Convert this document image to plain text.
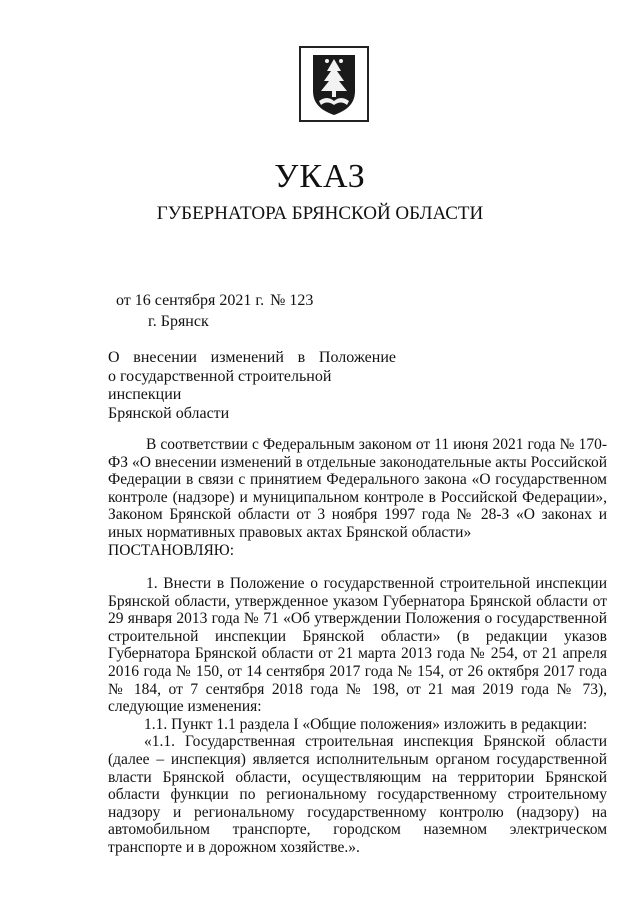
УКАЗ
ГУБЕРНАТОРА БРЯНСКОЙ ОБЛАСТИ
от 16 сентября 2021 г. № 123
г. Брянск
О внесении изменений в Положение
о государственной строительной инспекции
Брянской области

В соответствии с Федеральным законом от 11 июня 2021 года № 170-ФЗ «О внесении изменений в отдельные законодательные акты Российской Федерации в связи с принятием Федерального закона «О государственном контроле (надзоре) и муниципальном контроле в Российской Федерации», Законом Брянской области от 3 ноября 1997 года № 28-З «О законах и иных нормативных правовых актах Брянской области»

ПОСТАНОВЛЯЮ:

1. Внести в Положение о государственной строительной инспекции Брянской области, утвержденное указом Губернатора Брянской области от 29 января 2013 года № 71 «Об утверждении Положения о государственной строительной инспекции Брянской области» (в редакции указов Губернатора Брянской области от 21 марта 2013 года № 254, от 21 апреля 2016 года № 150, от 14 сентября 2017 года № 154, от 26 октября 2017 года № 184, от 7 сентября 2018 года № 198, от 21 мая 2019 года № 73), следующие изменения:

1.1. Пункт 1.1 раздела I «Общие положения» изложить в редакции:

«1.1. Государственная строительная инспекция Брянской области (далее – инспекция) является исполнительным органом государственной власти Брянской области, осуществляющим на территории Брянской области функции по региональному государственному строительному надзору и региональному государственному контролю (надзору) на автомобильном транспорте, городском наземном электрическом транспорте и в дорожном хозяйстве.».
